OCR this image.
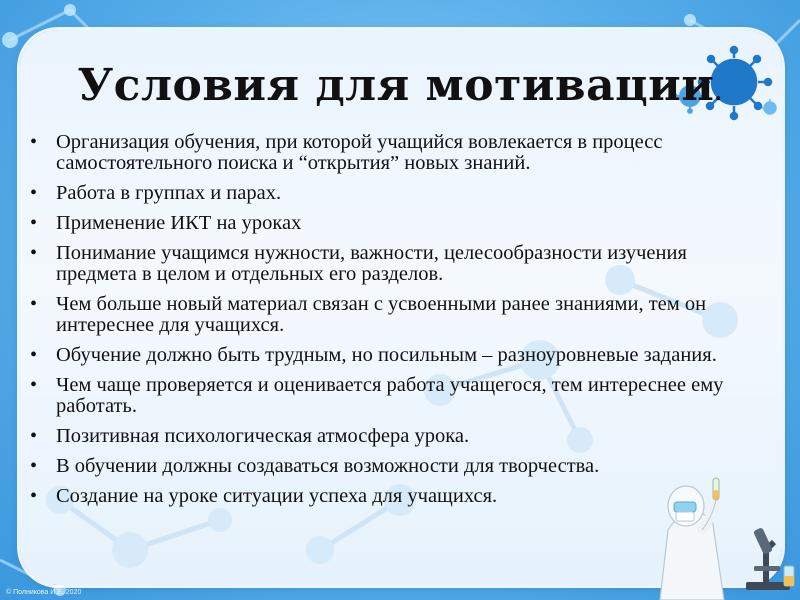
Условия для мотивации.
• Организация обучения, при которой учащийся вовлекается в процесс самостоятельного поиска и “открытия” новых знаний.
• Работа в группах и парах.
• Применение ИКТ на уроках
• Понимание учащимся нужности, важности, целесообразности изучения предмета в целом и отдельных его разделов.
• Чем больше новый материал связан с усвоенными ранее знаниями, тем он интереснее для учащихся.
• Обучение должно быть трудным, но посильным – разноуровневые задания.
• Чем чаще проверяется и оценивается работа учащегося, тем интереснее ему работать.
• Позитивная психологическая атмосфера урока.
• В обучении должны создаваться возможности для творчества.
• Создание на уроке ситуации успеха для учащихся.
© Полникова И.Е. 2020
